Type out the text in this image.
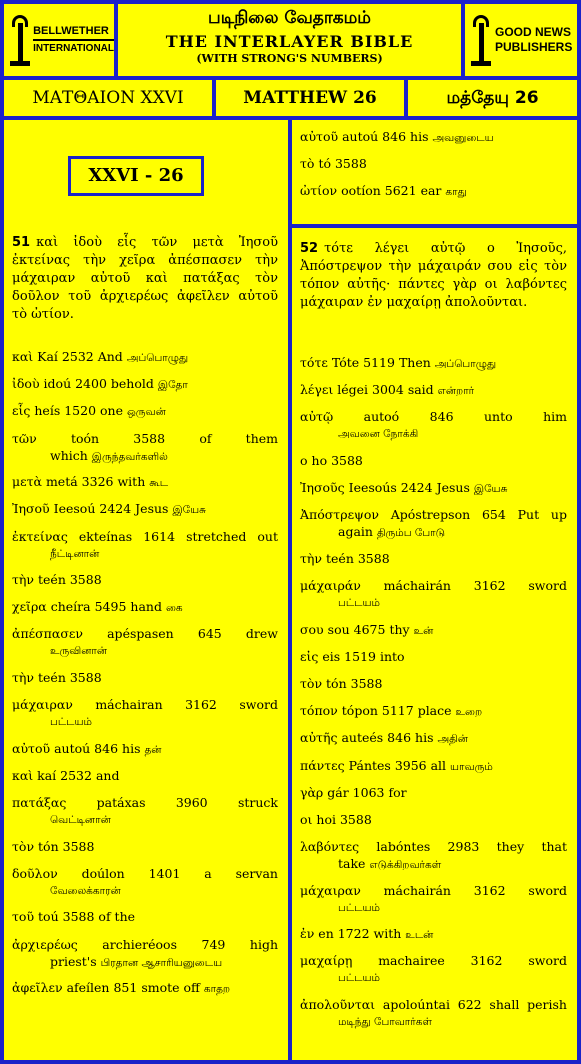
BELLWETHER
INTERNATIONAL
படிநிலை வேதாகமம்
THE INTERLAYER BIBLE
(WITH STRONG'S NUMBERS)
GOOD NEWS
PUBLISHERS
ΜΑΤΘΑΙΟΝ XXVI	MATTHEW 26	மத்தேயு 26
XXVI - 26
51 καὶ ἰδοὺ εἷς τῶν μετὰ Ἰησοῦ ἐκτείνας τὴν χεῖρα ἀπέσπασεν τὴν μάχαιραν αὐτοῦ καὶ πατάξας τὸν δοῦλον τοῦ ἀρχιερέως ἀφεῖλεν αὐτοῦ τὸ ὠτίον.
καὶ Kaí 2532 And அப்பொழுது
ἰδοὺ idoú 2400 behold இதோ
εἷς heís 1520 one ஒருவன்
τῶν	toón	3588	of them
which இருந்தவர்களில்
μετὰ metá 3326 with கூட
Ἰησοῦ Ieesoú 2424 Jesus இயேசு
ἐκτείνας ekteínas 1614 stretched out
நீட்டினான்
τὴν teén 3588
χεῖρα cheíra 5495 hand கை
ἀπέσπασεν apéspasen 645 drew
உருவினான்
τὴν teén 3588
μάχαιραν máchairan 3162 sword
பட்டயம்
αὐτοῦ autoú 846 his தன்
καὶ kaí 2532 and
πατάξας patáxas 3960 struck
வெட்டினான்
τὸν tón 3588
δοῦλον doúlon 1401 a servan
வேலைக்காரன்
τοῦ toú 3588 of the
ἀρχιερέως archieréoos 749 high
priest's பிரதான ஆசாரியனுடைய
ἀφεῖλεν afeílen 851 smote off காதற
αὐτοῦ autoú 846 his அவனுடைய
τὸ tó 3588
ὠτίον ootíon 5621 ear காது
52 τότε λέγει αὐτῷ ο Ἰησοῦς, Ἀπόστρεψον τὴν μάχαιράν σου εἰς τὸν τόπον αὐτῆς· πάντες γὰρ οι λαβόντες μάχαιραν ἐν μαχαίρῃ ἀπολοῦνται.
τότε Tóte 5119 Then அப்பொழுது
λέγει légei 3004 said என்றார்
αὐτῷ autoó 846 unto him
அவனை நோக்கி
ο ho 3588
Ἰησοῦς Ieesoús 2424 Jesus இயேசு
Ἀπόστρεψον Apóstrepson 654 Put up
again திரும்ப போடு
τὴν teén 3588
μάχαιράν máchairán 3162 sword
பட்டயம்
σου sou 4675 thy உன்
εἰς eis 1519 into
τὸν tón 3588
τόπον tópon 5117 place உறை
αὐτῆς auteés 846 his அதின்
πάντες Pántes 3956 all யாவரும்
γὰρ gár 1063 for
οι hoi 3588
λαβόντες labóntes 2983 they that
take எடுக்கிறவர்கள்
μάχαιραν máchairán 3162 sword
பட்டயம்
ἐν en 1722 with உடன்
μαχαίρῃ machairee 3162 sword
பட்டயம்
ἀπολοῦνται apoloúntai 622 shall perish
மடிந்து போவார்கள்
